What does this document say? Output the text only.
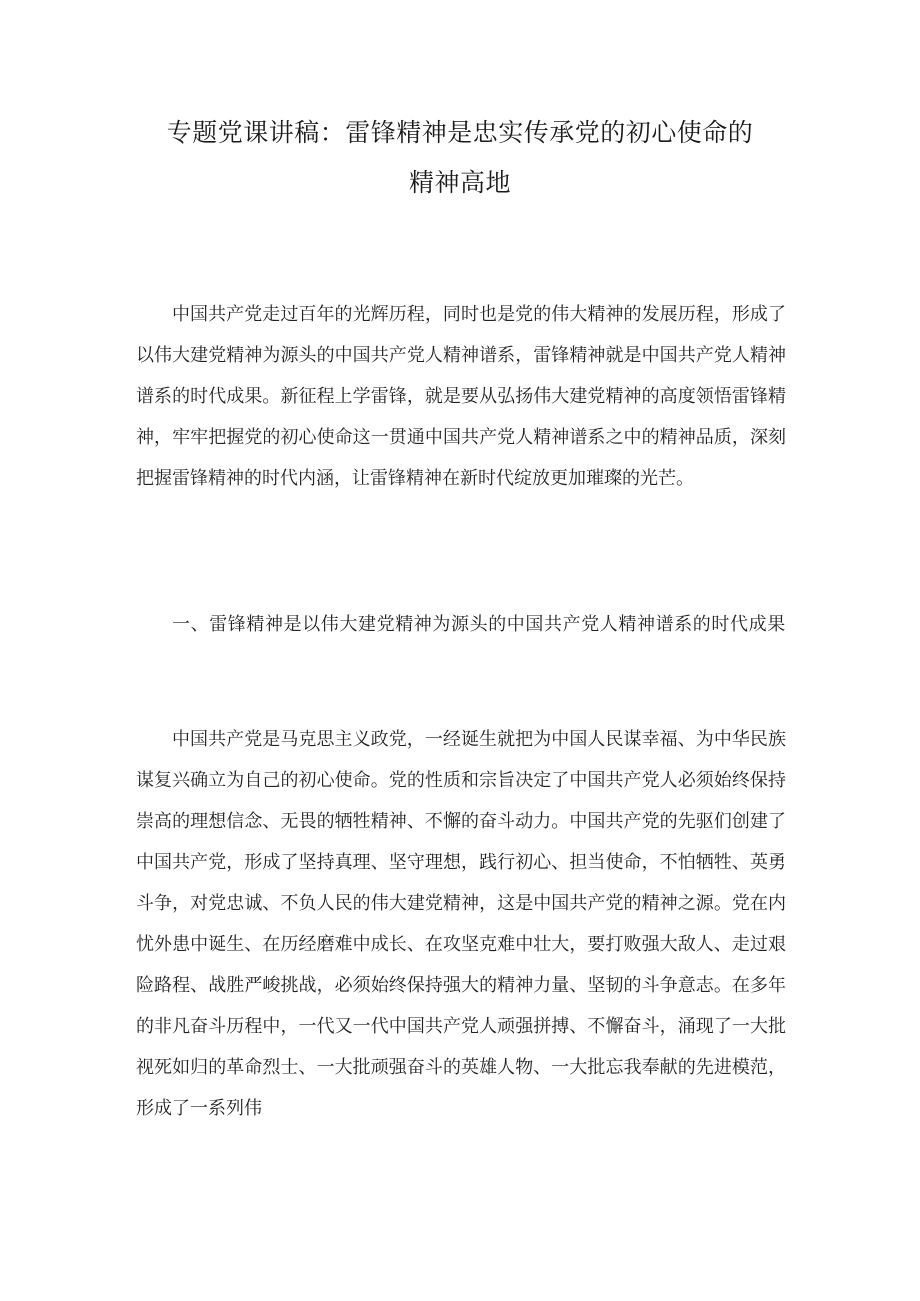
专题党课讲稿：雷锋精神是忠实传承党的初心使命的
精神高地

中国共产党走过百年的光辉历程，同时也是党的伟大精神的发展历程，形成了以伟大建党精神为源头的中国共产党人精神谱系，雷锋精神就是中国共产党人精神谱系的时代成果。新征程上学雷锋，就是要从弘扬伟大建党精神的高度领悟雷锋精神，牢牢把握党的初心使命这一贯通中国共产党人精神谱系之中的精神品质，深刻把握雷锋精神的时代内涵，让雷锋精神在新时代绽放更加璀璨的光芒。

一、雷锋精神是以伟大建党精神为源头的中国共产党人精神谱系的时代成果

中国共产党是马克思主义政党，一经诞生就把为中国人民谋幸福、为中华民族谋复兴确立为自己的初心使命。党的性质和宗旨决定了中国共产党人必须始终保持崇高的理想信念、无畏的牺牲精神、不懈的奋斗动力。中国共产党的先驱们创建了中国共产党，形成了坚持真理、坚守理想，践行初心、担当使命，不怕牺牲、英勇斗争，对党忠诚、不负人民的伟大建党精神，这是中国共产党的精神之源。党在内忧外患中诞生、在历经磨难中成长、在攻坚克难中壮大，要打败强大敌人、走过艰险路程、战胜严峻挑战，必须始终保持强大的精神力量、坚韧的斗争意志。在多年的非凡奋斗历程中，一代又一代中国共产党人顽强拼搏、不懈奋斗，涌现了一大批视死如归的革命烈士、一大批顽强奋斗的英雄人物、一大批忘我奉献的先进模范，形成了一系列伟
